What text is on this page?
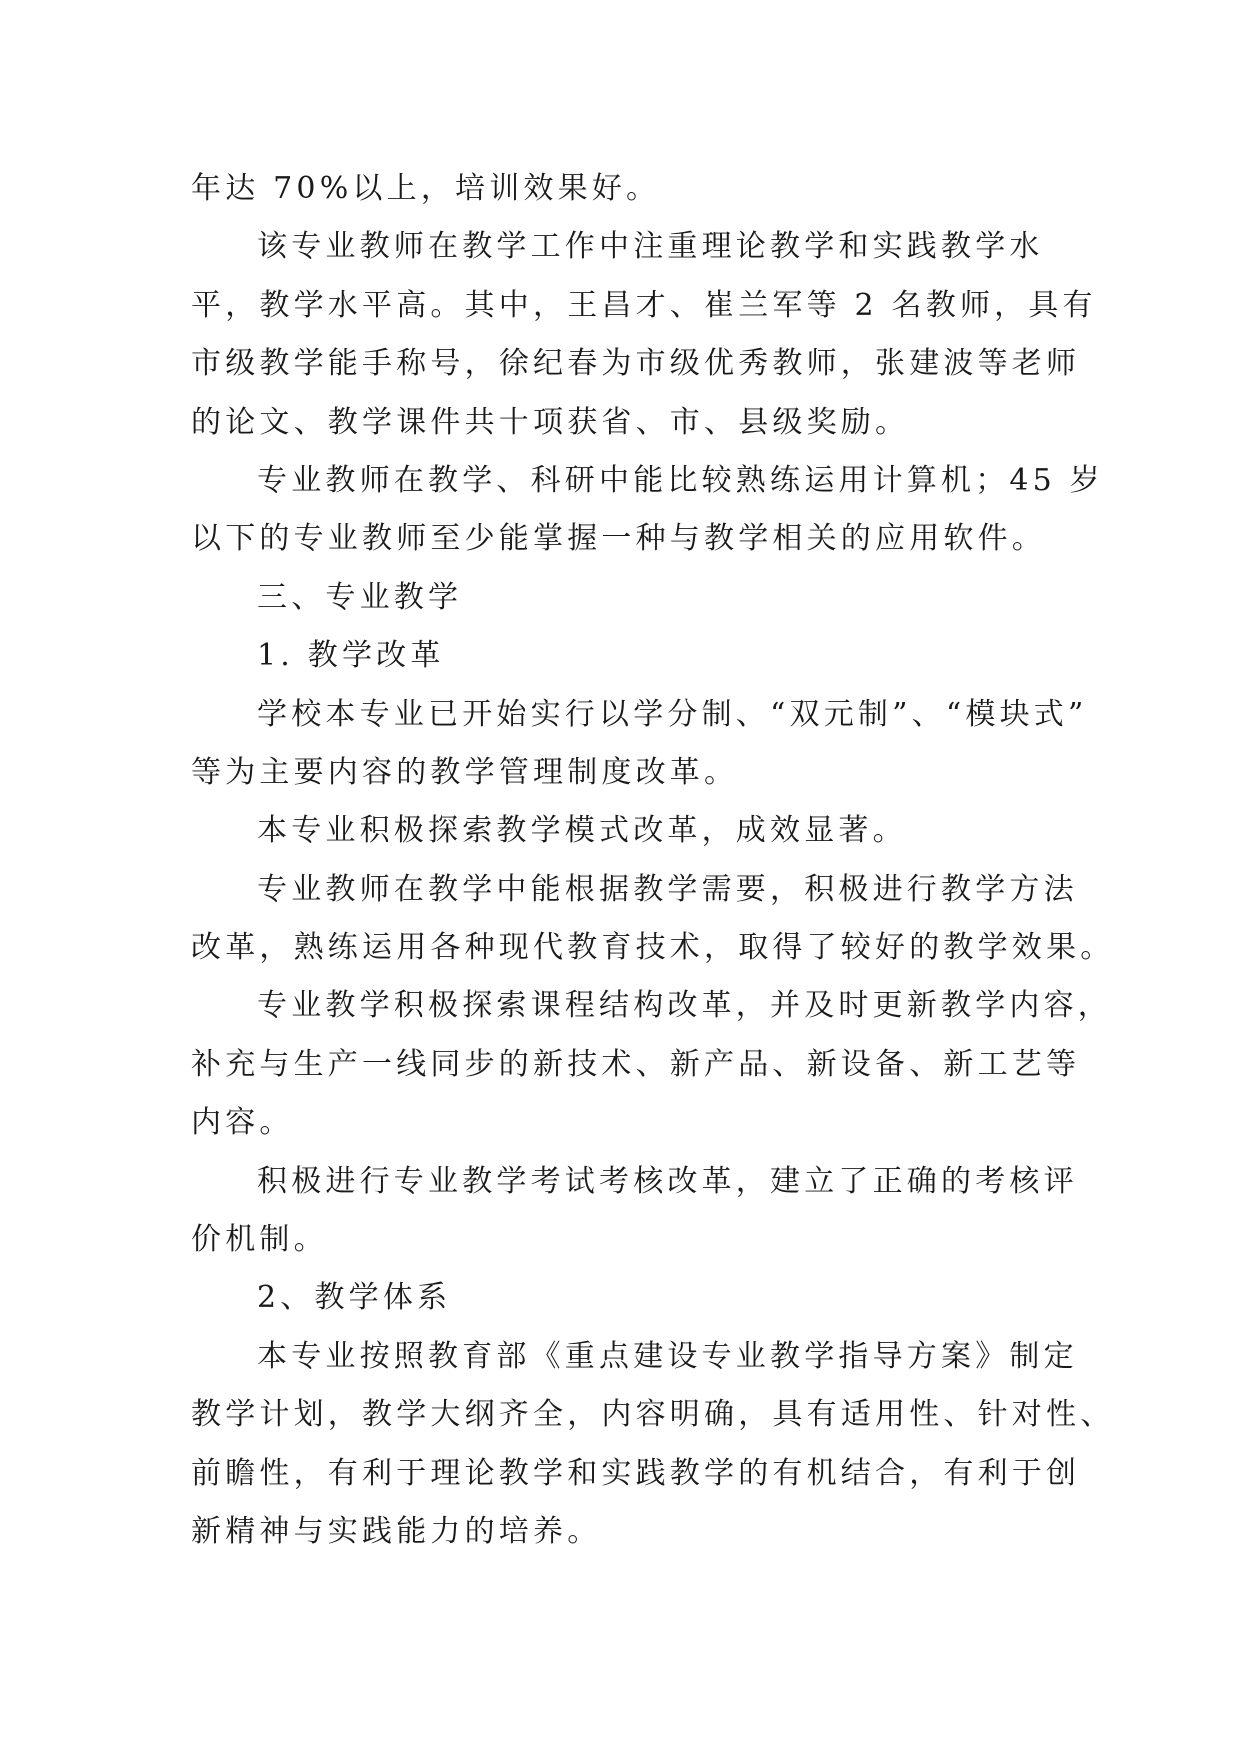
年达 70%以上，培训效果好。
该专业教师在教学工作中注重理论教学和实践教学水
平，教学水平高。其中，王昌才、崔兰军等 2 名教师，具有
市级教学能手称号，徐纪春为市级优秀教师，张建波等老师
的论文、教学课件共十项获省、市、县级奖励。
专业教师在教学、科研中能比较熟练运用计算机；45 岁
以下的专业教师至少能掌握一种与教学相关的应用软件。
三、专业教学
1. 教学改革
学校本专业已开始实行以学分制、“双元制”、“模块式”
等为主要内容的教学管理制度改革。
本专业积极探索教学模式改革，成效显著。
专业教师在教学中能根据教学需要，积极进行教学方法
改革，熟练运用各种现代教育技术，取得了较好的教学效果。
专业教学积极探索课程结构改革，并及时更新教学内容，
补充与生产一线同步的新技术、新产品、新设备、新工艺等
内容。
积极进行专业教学考试考核改革，建立了正确的考核评
价机制。
2、教学体系
本专业按照教育部《重点建设专业教学指导方案》制定
教学计划，教学大纲齐全，内容明确，具有适用性、针对性、
前瞻性，有利于理论教学和实践教学的有机结合，有利于创
新精神与实践能力的培养。
